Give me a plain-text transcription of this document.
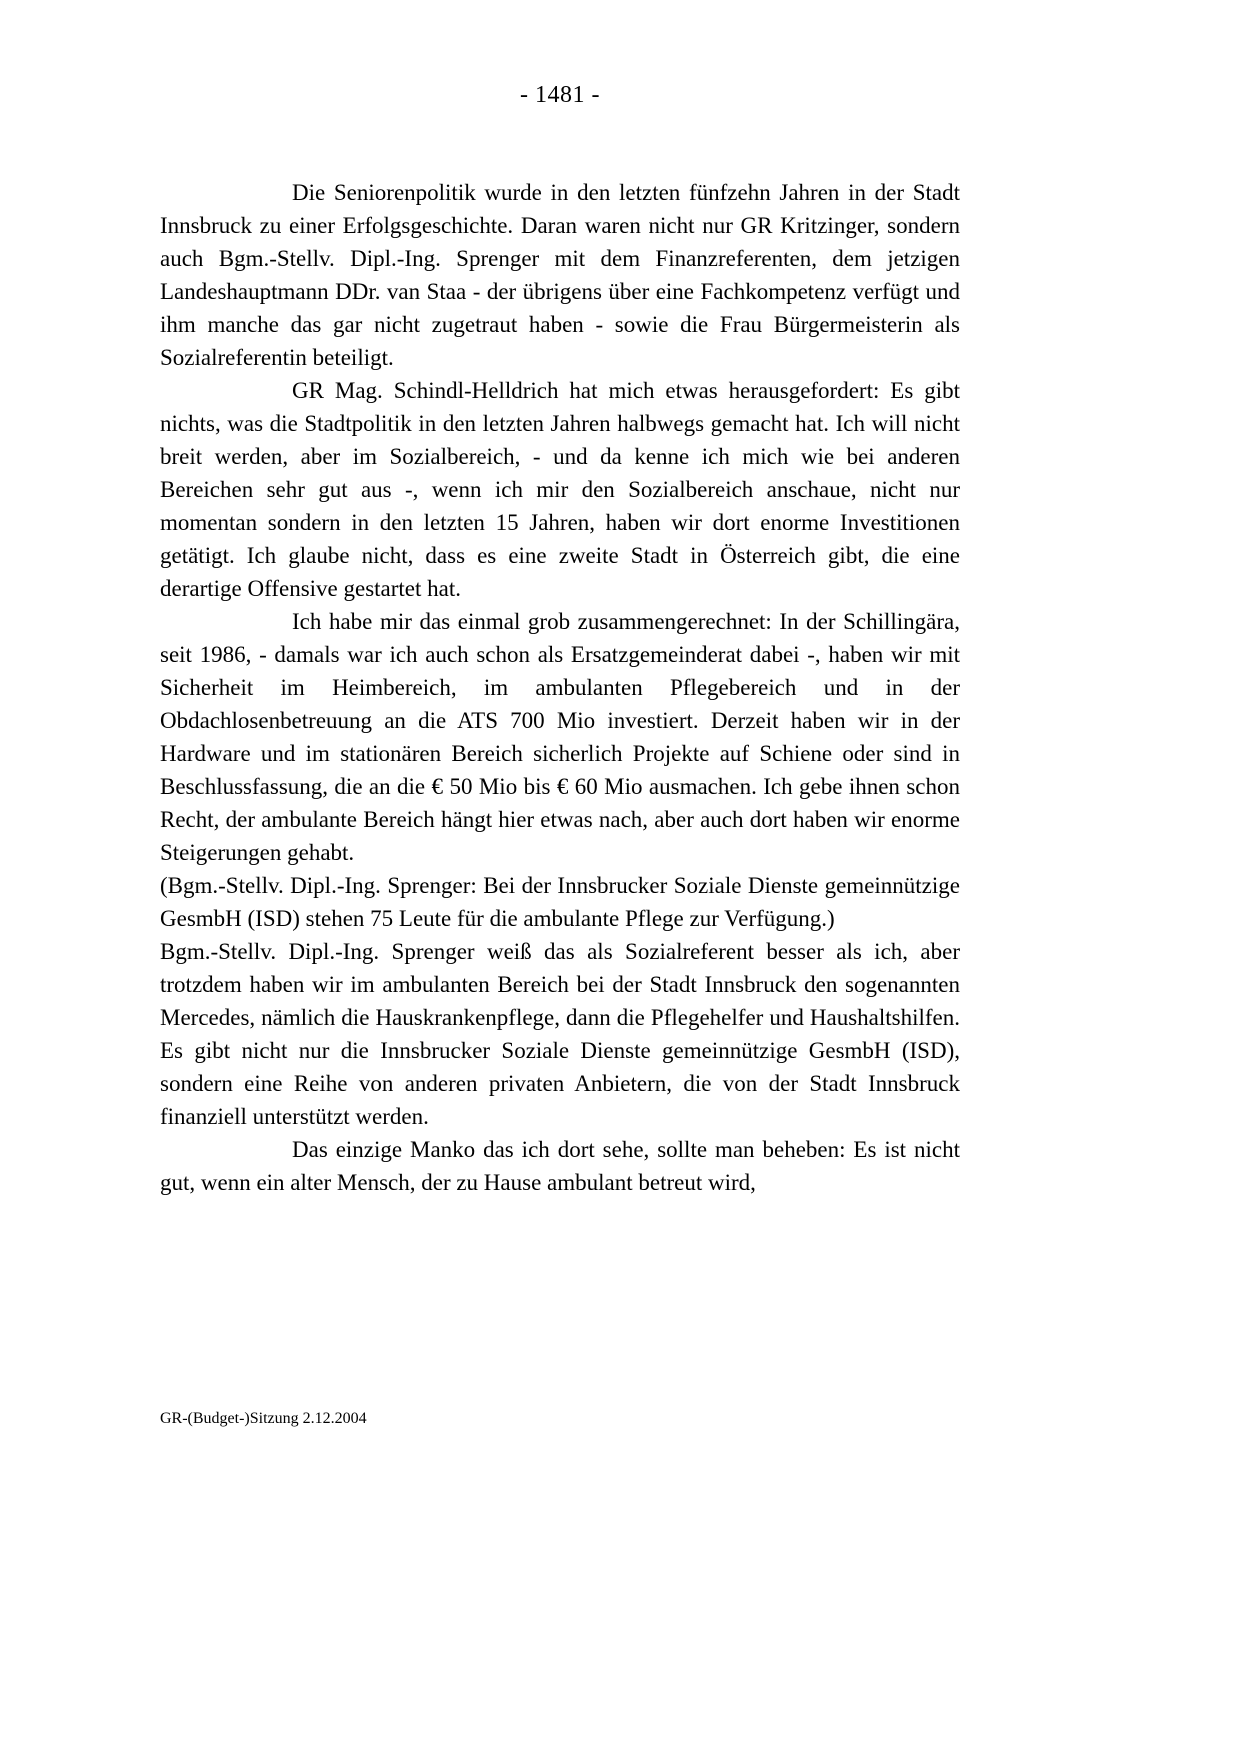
- 1481 -

Die Seniorenpolitik wurde in den letzten fünfzehn Jahren in der Stadt Innsbruck zu einer Erfolgsgeschichte. Daran waren nicht nur GR Kritzinger, sondern auch Bgm.-Stellv. Dipl.-Ing. Sprenger mit dem Finanzreferenten, dem jetzigen Landeshauptmann DDr. van Staa - der übrigens über eine Fachkompetenz verfügt und ihm manche das gar nicht zugetraut haben - sowie die Frau Bürgermeisterin als Sozialreferentin beteiligt.

GR Mag. Schindl-Helldrich hat mich etwas herausgefordert: Es gibt nichts, was die Stadtpolitik in den letzten Jahren halbwegs gemacht hat. Ich will nicht breit werden, aber im Sozialbereich, - und da kenne ich mich wie bei anderen Bereichen sehr gut aus -, wenn ich mir den Sozialbereich anschaue, nicht nur momentan sondern in den letzten 15 Jahren, haben wir dort enorme Investitionen getätigt. Ich glaube nicht, dass es eine zweite Stadt in Österreich gibt, die eine derartige Offensive gestartet hat.

Ich habe mir das einmal grob zusammengerechnet: In der Schillingära, seit 1986, - damals war ich auch schon als Ersatzgemeinderat dabei -, haben wir mit Sicherheit im Heimbereich, im ambulanten Pflegebereich und in der Obdachlosenbetreuung an die ATS 700 Mio investiert. Derzeit haben wir in der Hardware und im stationären Bereich sicherlich Projekte auf Schiene oder sind in Beschlussfassung, die an die € 50 Mio bis € 60 Mio ausmachen. Ich gebe ihnen schon Recht, der ambulante Bereich hängt hier etwas nach, aber auch dort haben wir enorme Steigerungen gehabt.

(Bgm.-Stellv. Dipl.-Ing. Sprenger: Bei der Innsbrucker Soziale Dienste gemeinnützige GesmbH (ISD) stehen 75 Leute für die ambulante Pflege zur Verfügung.)

Bgm.-Stellv. Dipl.-Ing. Sprenger weiß das als Sozialreferent besser als ich, aber trotzdem haben wir im ambulanten Bereich bei der Stadt Innsbruck den sogenannten Mercedes, nämlich die Hauskrankenpflege, dann die Pflegehelfer und Haushaltshilfen. Es gibt nicht nur die Innsbrucker Soziale Dienste gemeinnützige GesmbH (ISD), sondern eine Reihe von anderen privaten Anbietern, die von der Stadt Innsbruck finanziell unterstützt werden.

Das einzige Manko das ich dort sehe, sollte man beheben: Es ist nicht gut, wenn ein alter Mensch, der zu Hause ambulant betreut wird,

GR-(Budget-)Sitzung 2.12.2004
